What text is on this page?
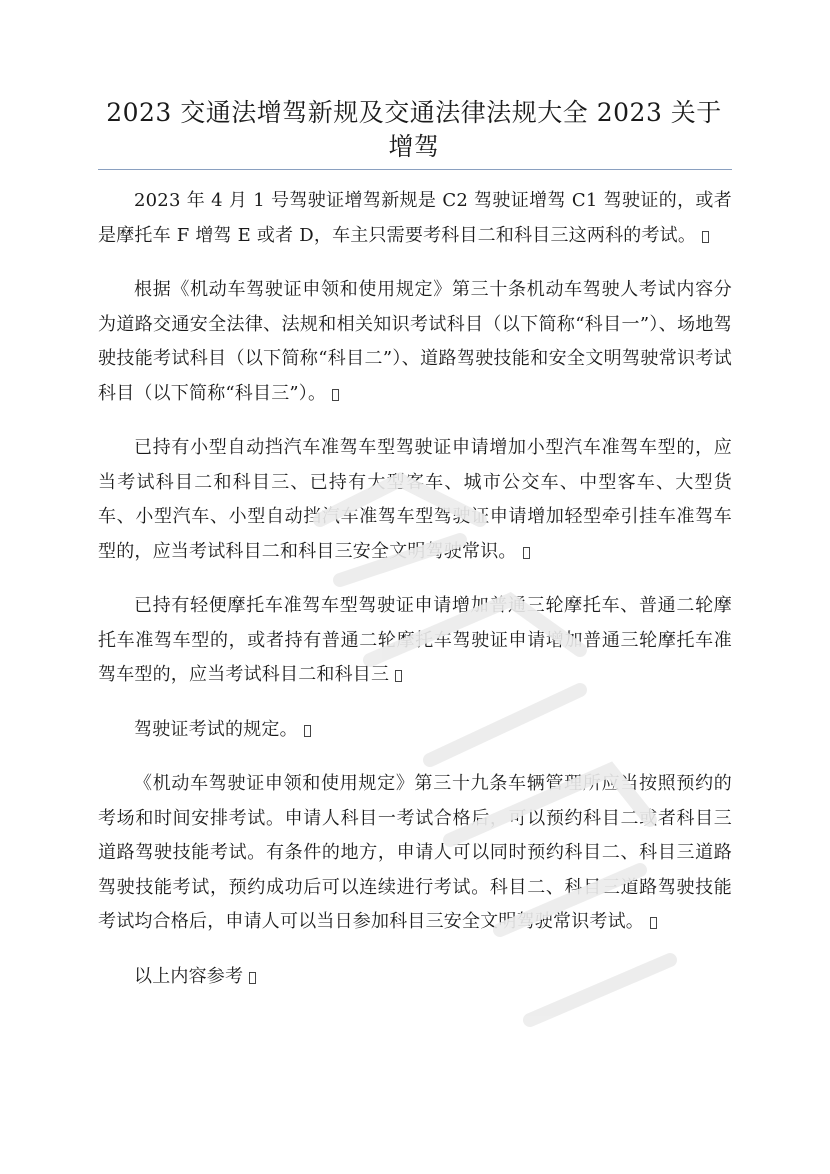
2023 交通法增驾新规及交通法律法规大全 2023 关于增驾

2023 年 4 月 1 号驾驶证增驾新规是 C2 驾驶证增驾 C1 驾驶证的，或者是摩托车 F 增驾 E 或者 D，车主只需要考科目二和科目三这两科的考试。

根据《机动车驾驶证申领和使用规定》第三十条机动车驾驶人考试内容分为道路交通安全法律、法规和相关知识考试科目（以下简称“科目一”）、场地驾驶技能考试科目（以下简称“科目二”）、道路驾驶技能和安全文明驾驶常识考试科目（以下简称“科目三”）。

已持有小型自动挡汽车准驾车型驾驶证申请增加小型汽车准驾车型的，应当考试科目二和科目三、已持有大型客车、城市公交车、中型客车、大型货车、小型汽车、小型自动挡汽车准驾车型驾驶证申请增加轻型牵引挂车准驾车型的，应当考试科目二和科目三安全文明驾驶常识。

已持有轻便摩托车准驾车型驾驶证申请增加普通三轮摩托车、普通二轮摩托车准驾车型的，或者持有普通二轮摩托车驾驶证申请增加普通三轮摩托车准驾车型的，应当考试科目二和科目三

驾驶证考试的规定。

《机动车驾驶证申领和使用规定》第三十九条车辆管理所应当按照预约的考场和时间安排考试。申请人科目一考试合格后，可以预约科目二或者科目三道路驾驶技能考试。有条件的地方，申请人可以同时预约科目二、科目三道路驾驶技能考试，预约成功后可以连续进行考试。科目二、科目三道路驾驶技能考试均合格后，申请人可以当日参加科目三安全文明驾驶常识考试。

以上内容参考
